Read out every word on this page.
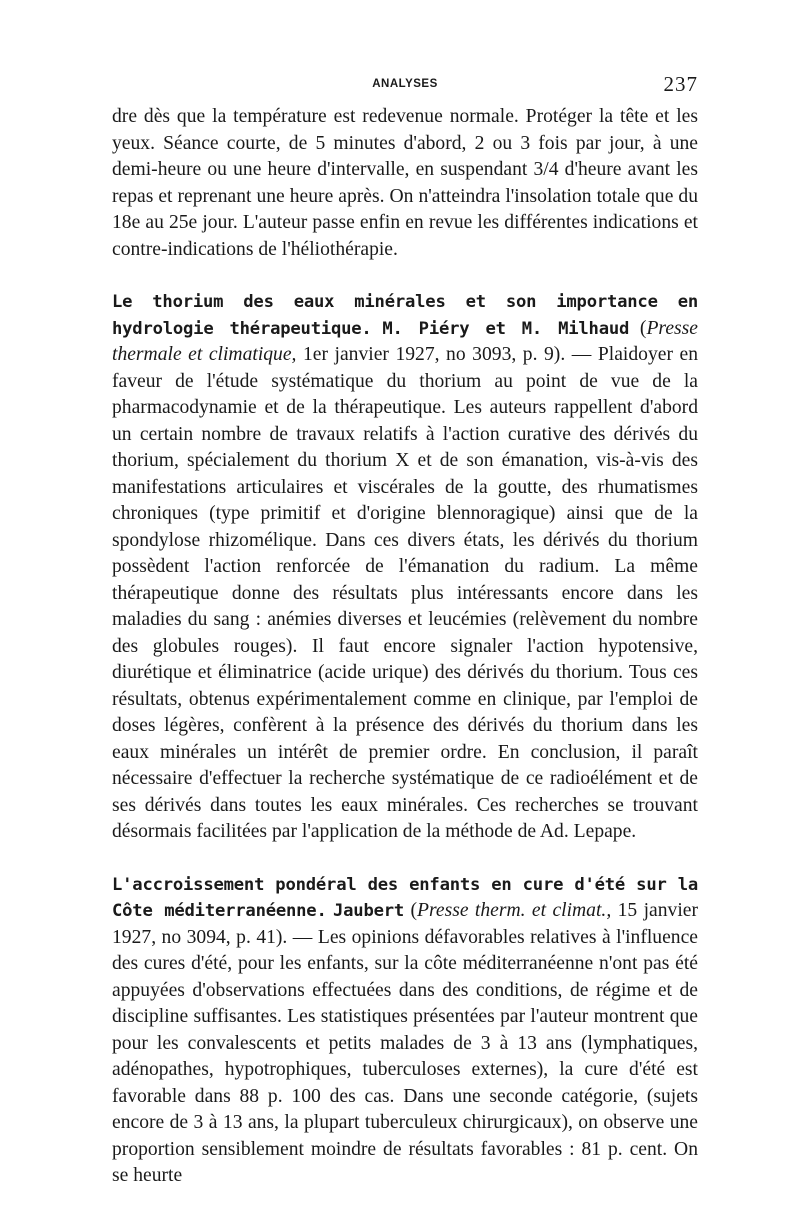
ANALYSES	237

dre dès que la température est redevenue normale. Protéger la tête et les yeux. Séance courte, de 5 minutes d'abord, 2 ou 3 fois par jour, à une demi-heure ou une heure d'intervalle, en suspendant 3/4 d'heure avant les repas et reprenant une heure après. On n'atteindra l'insolation totale que du 18e au 25e jour. L'auteur passe enfin en revue les différentes indications et contre-indications de l'héliothérapie.

Le thorium des eaux minérales et son importance en hydrologie thérapeutique. M. Piéry et M. Milhaud (Presse thermale et climatique, 1er janvier 1927, no 3093, p. 9). — Plaidoyer en faveur de l'étude systématique du thorium au point de vue de la pharmacodynamie et de la thérapeutique. Les auteurs rappellent d'abord un certain nombre de travaux relatifs à l'action curative des dérivés du thorium, spécialement du thorium X et de son émanation, vis-à-vis des manifestations articulaires et viscérales de la goutte, des rhumatismes chroniques (type primitif et d'origine blennoragique) ainsi que de la spondylose rhizomélique. Dans ces divers états, les dérivés du thorium possèdent l'action renforcée de l'émanation du radium. La même thérapeutique donne des résultats plus intéressants encore dans les maladies du sang : anémies diverses et leucémies (relèvement du nombre des globules rouges). Il faut encore signaler l'action hypotensive, diurétique et éliminatrice (acide urique) des dérivés du thorium. Tous ces résultats, obtenus expérimentalement comme en clinique, par l'emploi de doses légères, confèrent à la présence des dérivés du thorium dans les eaux minérales un intérêt de premier ordre. En conclusion, il paraît nécessaire d'effectuer la recherche systématique de ce radioélément et de ses dérivés dans toutes les eaux minérales. Ces recherches se trouvant désormais facilitées par l'application de la méthode de Ad. Lepape.

L'accroissement pondéral des enfants en cure d'été sur la Côte méditerranéenne. Jaubert (Presse therm. et climat., 15 janvier 1927, no 3094, p. 41). — Les opinions défavorables relatives à l'influence des cures d'été, pour les enfants, sur la côte méditerranéenne n'ont pas été appuyées d'observations effectuées dans des conditions, de régime et de discipline suffisantes. Les statistiques présentées par l'auteur montrent que pour les convalescents et petits malades de 3 à 13 ans (lymphatiques, adénopathes, hypotrophiques, tuberculoses externes), la cure d'été est favorable dans 88 p. 100 des cas. Dans une seconde catégorie, (sujets encore de 3 à 13 ans, la plupart tuberculeux chirurgicaux), on observe une proportion sensiblement moindre de résultats favorables : 81 p. cent. On se heurte
